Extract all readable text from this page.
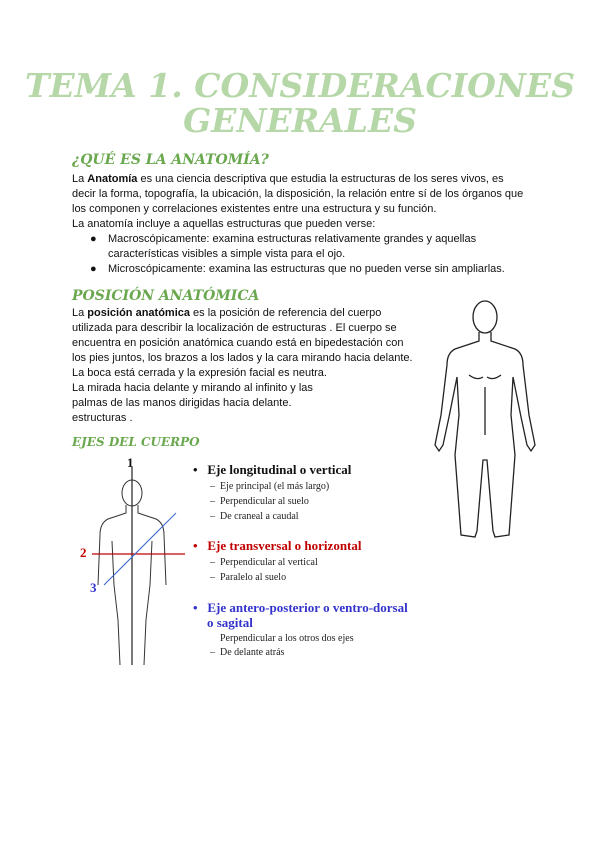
TEMA 1. CONSIDERACIONES
GENERALES
¿QUÉ ES LA ANATOMÍA?
La Anatomía es una ciencia descriptiva que estudia la estructuras de los seres vivos, es
decir la forma, topografía, la ubicación, la disposición, la relación entre sí de los órganos que
los componen y correlaciones existentes entre una estructura y su función.
La anatomía incluye a aquellas estructuras que pueden verse:
● Macroscópicamente: examina estructuras relativamente grandes y aquellas
características visibles a simple vista para el ojo.
● Microscópicamente: examina las estructuras que no pueden verse sin ampliarlas.
POSICIÓN ANATÓMICA
La posición anatómica es la posición de referencia del cuerpo
utilizada para describir la localización de estructuras . El cuerpo se
encuentra en posición anatómica cuando está en bipedestación con
los pies juntos, los brazos a los lados y la cara mirando hacia delante.
La boca está cerrada y la expresión facial es neutra.
La mirada hacia delante y mirando al infinito y las
palmas de las manos dirigidas hacia delante.
estructuras .
EJES DEL CUERPO
1
2
3
• Eje longitudinal o vertical
– Eje principal (el más largo)
– Perpendicular al suelo
– De craneal a caudal
• Eje transversal o horizontal
– Perpendicular al vertical
– Paralelo al suelo
• Eje antero-posterior o ventro-dorsal
o sagital
Perpendicular a los otros dos ejes
– De delante atrás
